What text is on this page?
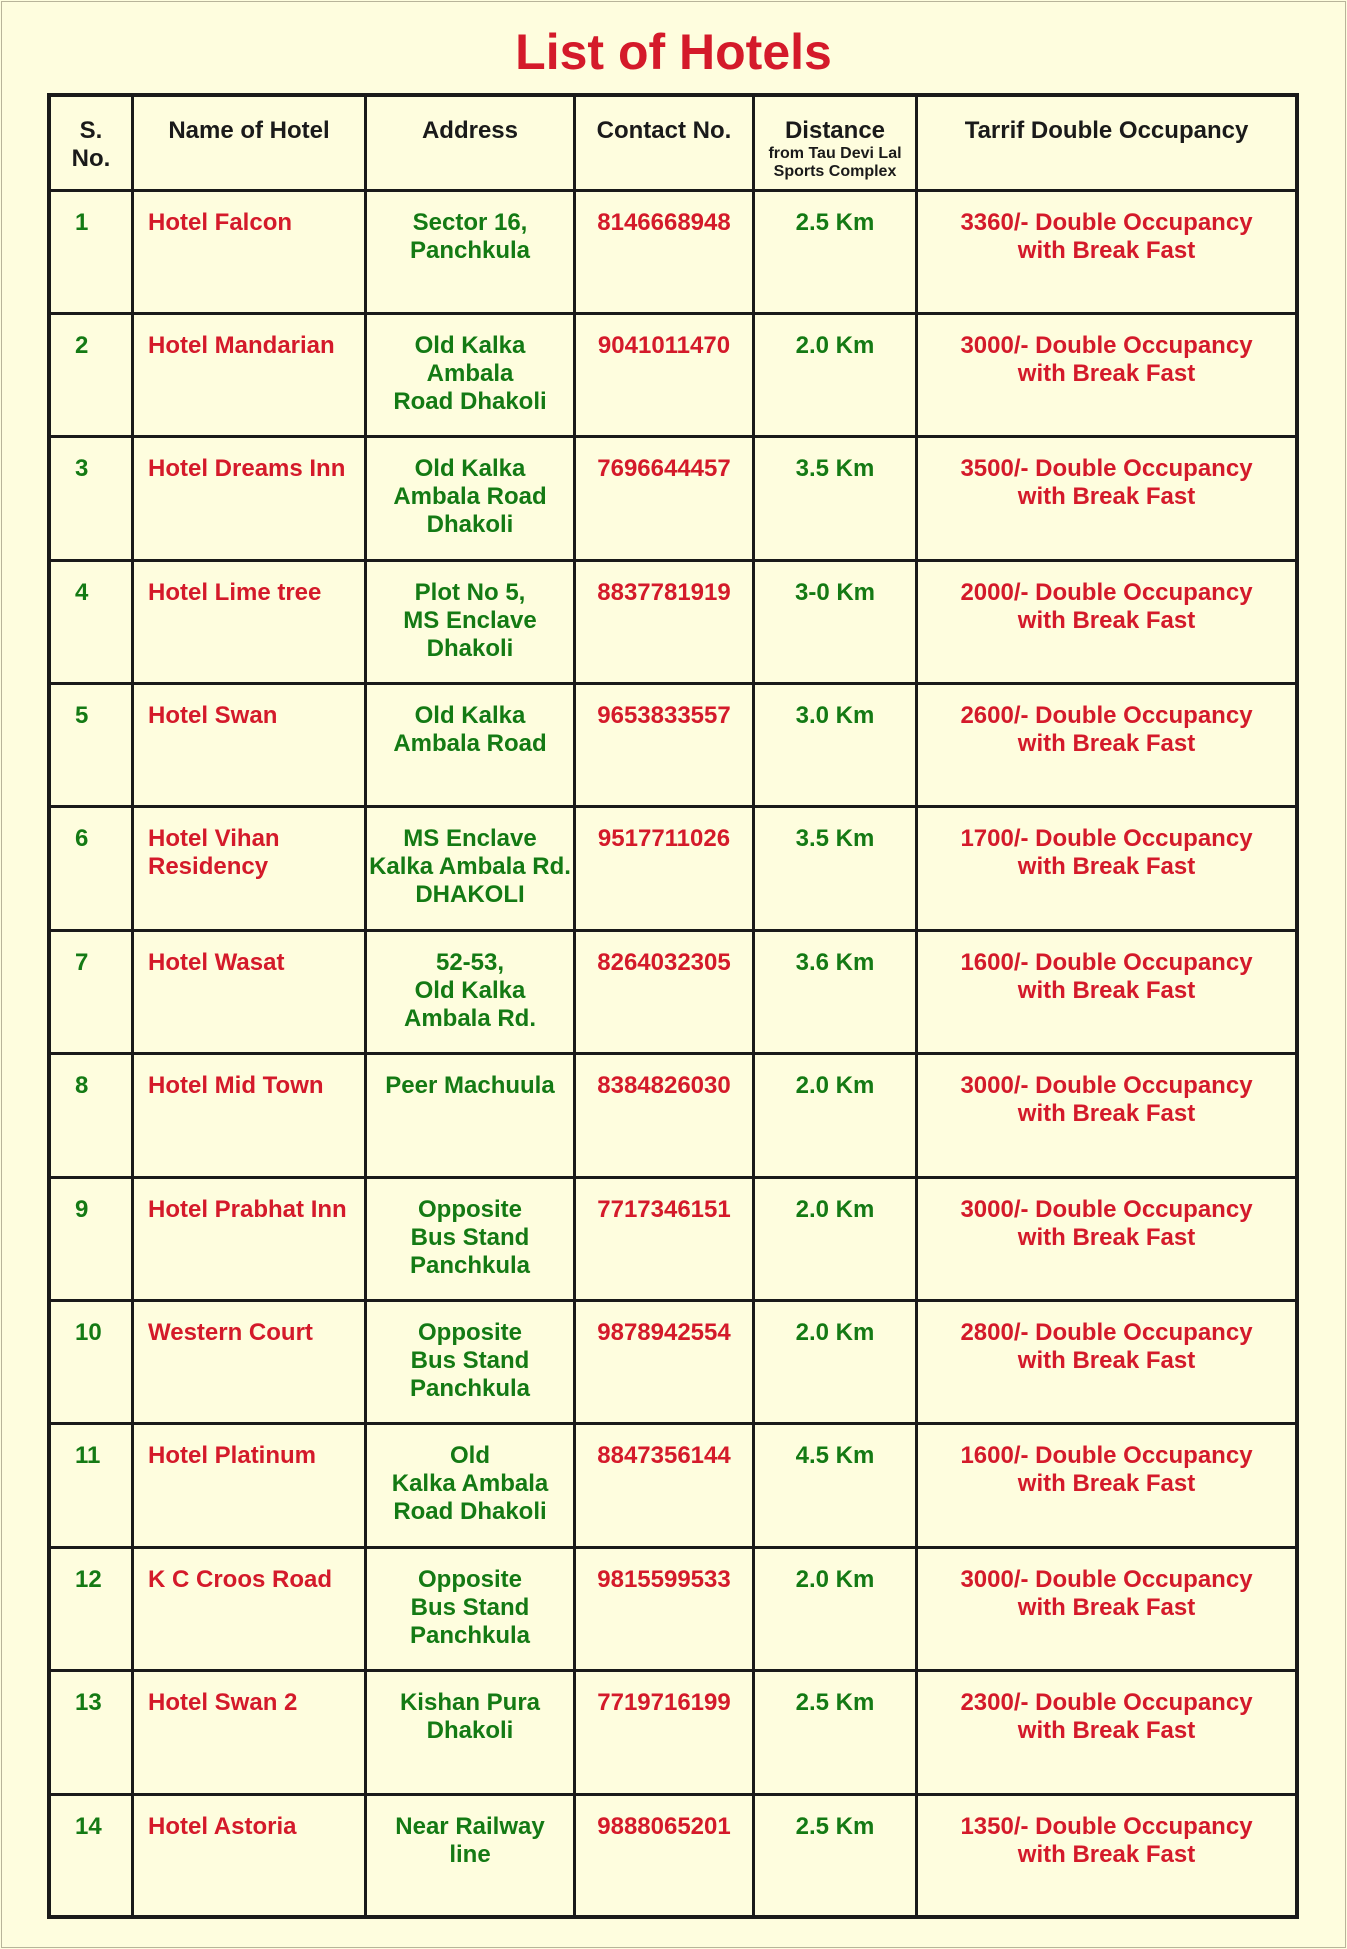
List of Hotels
S.
No.	Name of Hotel	Address	Contact No.	Distance
from Tau Devi Lal
Sports Complex	Tarrif Double Occupancy
1	Hotel Falcon	Sector 16,
Panchkula	8146668948	2.5 Km	3360/- Double Occupancy
with Break Fast
2	Hotel Mandarian	Old Kalka
Ambala
Road Dhakoli	9041011470	2.0 Km	3000/- Double Occupancy
with Break Fast
3	Hotel Dreams Inn	Old Kalka
Ambala Road
Dhakoli	7696644457	3.5 Km	3500/- Double Occupancy
with Break Fast
4	Hotel Lime tree	Plot No 5,
MS Enclave
Dhakoli	8837781919	3-0 Km	2000/- Double Occupancy
with Break Fast
5	Hotel Swan	Old Kalka
Ambala Road	9653833557	3.0 Km	2600/- Double Occupancy
with Break Fast
6	Hotel Vihan
Residency	MS Enclave
Kalka Ambala Rd.
DHAKOLI	9517711026	3.5 Km	1700/- Double Occupancy
with Break Fast
7	Hotel Wasat	52-53,
Old Kalka
Ambala Rd.	8264032305	3.6 Km	1600/- Double Occupancy
with Break Fast
8	Hotel Mid Town	Peer Machuula	8384826030	2.0 Km	3000/- Double Occupancy
with Break Fast
9	Hotel Prabhat Inn	Opposite
Bus Stand
Panchkula	7717346151	2.0 Km	3000/- Double Occupancy
with Break Fast
10	Western Court	Opposite
Bus Stand
Panchkula	9878942554	2.0 Km	2800/- Double Occupancy
with Break Fast
11	Hotel Platinum	Old
Kalka Ambala
Road Dhakoli	8847356144	4.5 Km	1600/- Double Occupancy
with Break Fast
12	K C Croos Road	Opposite
Bus Stand
Panchkula	9815599533	2.0 Km	3000/- Double Occupancy
with Break Fast
13	Hotel Swan 2	Kishan Pura
Dhakoli	7719716199	2.5 Km	2300/- Double Occupancy
with Break Fast
14	Hotel Astoria	Near Railway
line	9888065201	2.5 Km	1350/- Double Occupancy
with Break Fast
